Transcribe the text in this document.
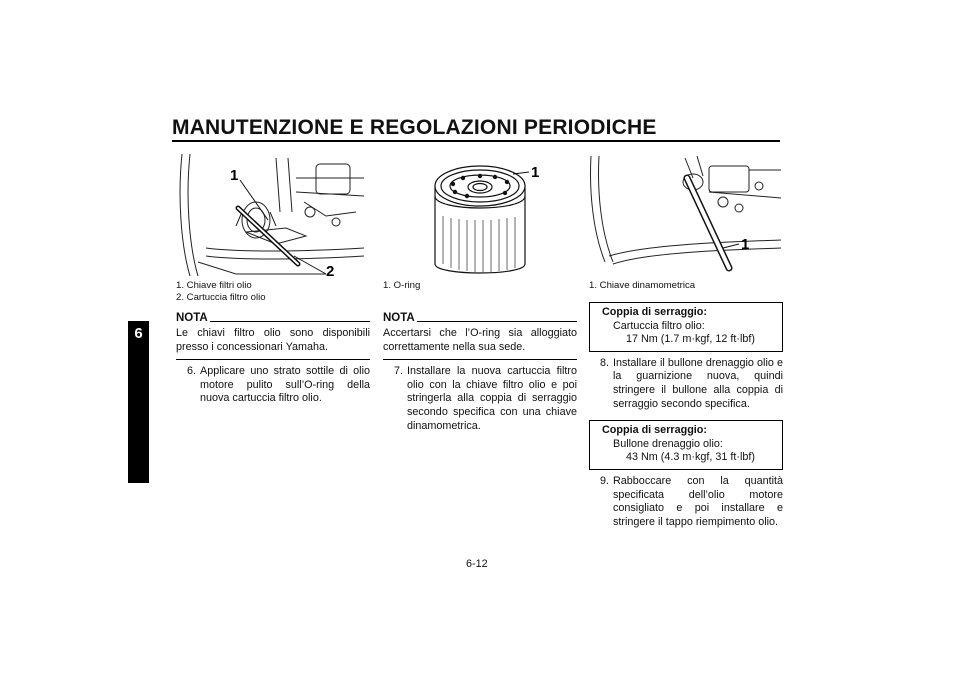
MANUTENZIONE E REGOLAZIONI PERIODICHE
6
1
2
1. Chiave filtri olio
2. Cartuccia filtro olio
NOTA
Le chiavi filtro olio sono disponibili presso i concessionari Yamaha.
6. Applicare uno strato sottile di olio motore pulito sull’O-ring della nuova cartuccia filtro olio.
1
1. O-ring
NOTA
Accertarsi che l’O-ring sia alloggiato correttamente nella sua sede.
7. Installare la nuova cartuccia filtro olio con la chiave filtro olio e poi stringerla alla coppia di serraggio secondo specifica con una chiave dinamometrica.
1
1. Chiave dinamometrica
Coppia di serraggio:
Cartuccia filtro olio:
17 Nm (1.7 m·kgf, 12 ft·lbf)
8. Installare il bullone drenaggio olio e la guarnizione nuova, quindi stringere il bullone alla coppia di serraggio secondo specifica.
Coppia di serraggio:
Bullone drenaggio olio:
43 Nm (4.3 m·kgf, 31 ft·lbf)
9. Rabboccare con la quantità specificata dell’olio motore consigliato e poi installare e stringere il tappo riempimento olio.
6-12
